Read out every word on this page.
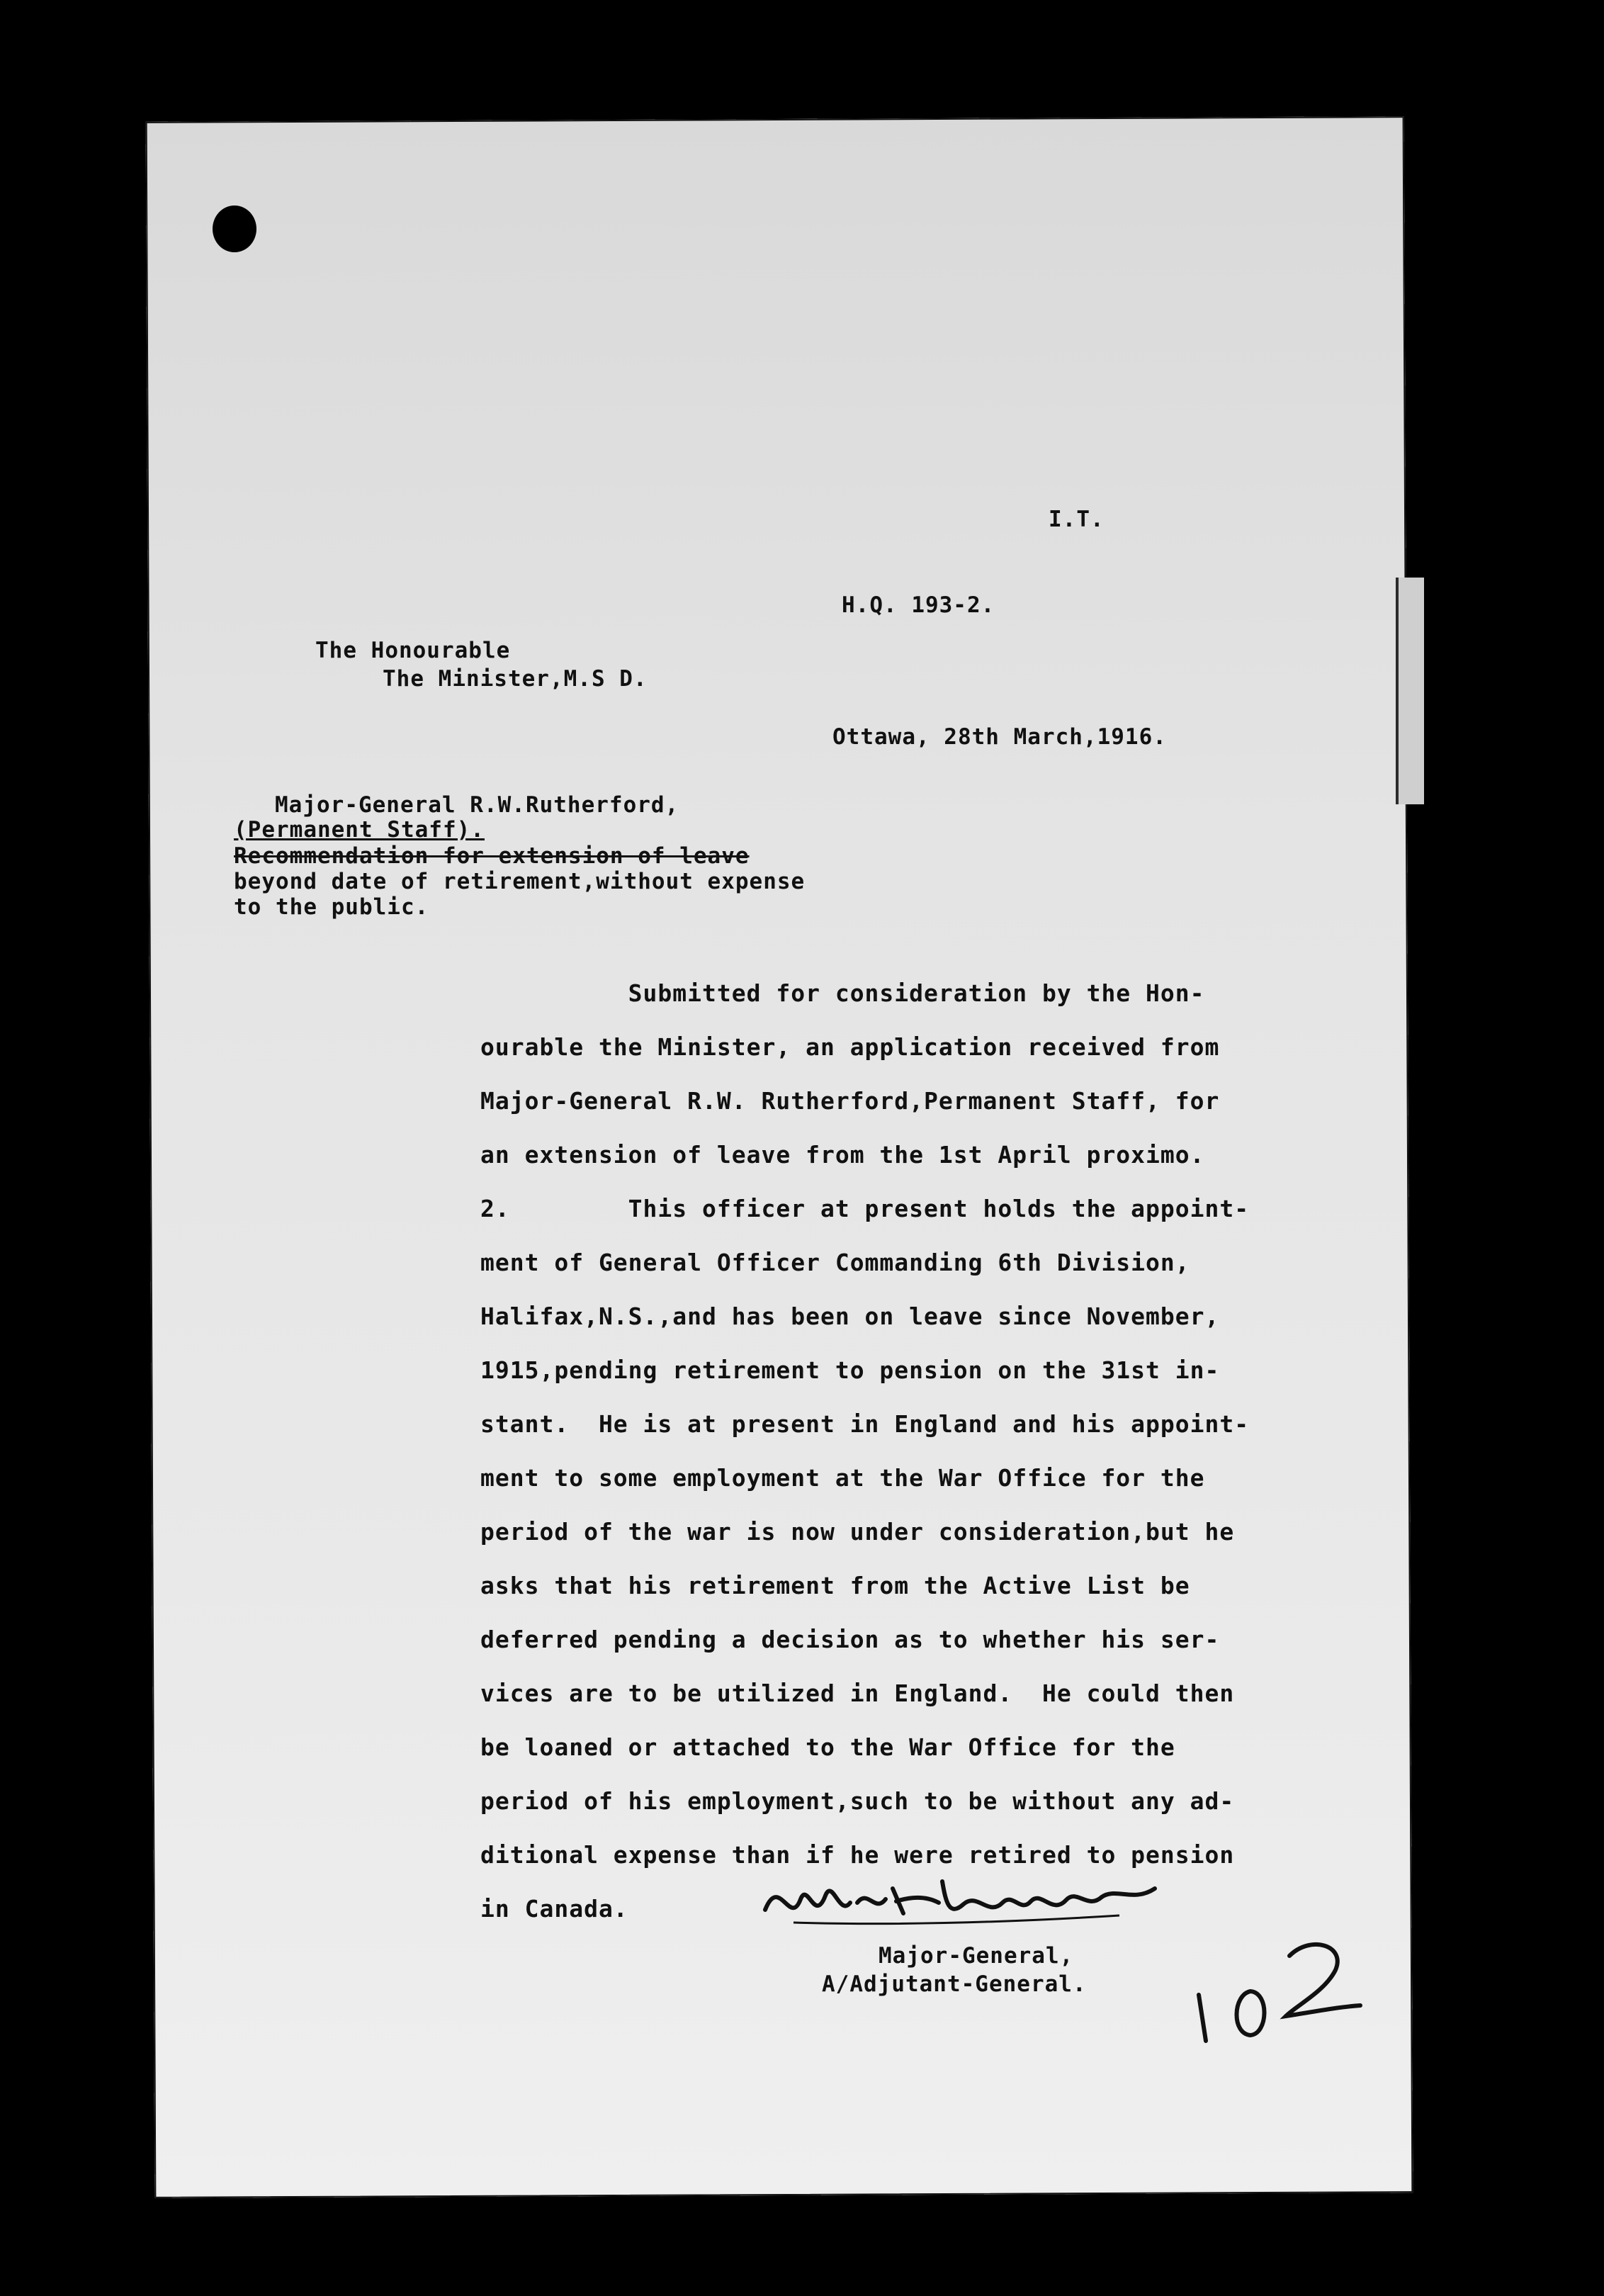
I.T.
H.Q. 193-2.
The Honourable
The Minister,M.S D.
Ottawa, 28th March,1916.
Major-General R.W.Rutherford,
(Permanent Staff).
Recommendation for extension of leave
beyond date of retirement,without expense
to the public.
Submitted for consideration by the Hon-
ourable the Minister, an application received from
Major-General R.W. Rutherford,Permanent Staff, for
an extension of leave from the 1st April proximo.
2.        This officer at present holds the appoint-
ment of General Officer Commanding 6th Division,
Halifax,N.S.,and has been on leave since November,
1915,pending retirement to pension on the 31st in-
stant.  He is at present in England and his appoint-
ment to some employment at the War Office for the
period of the war is now under consideration,but he
asks that his retirement from the Active List be
deferred pending a decision as to whether his ser-
vices are to be utilized in England.  He could then
be loaned or attached to the War Office for the
period of his employment,such to be without any ad-
ditional expense than if he were retired to pension
in Canada.
Major-General,
A/Adjutant-General.
